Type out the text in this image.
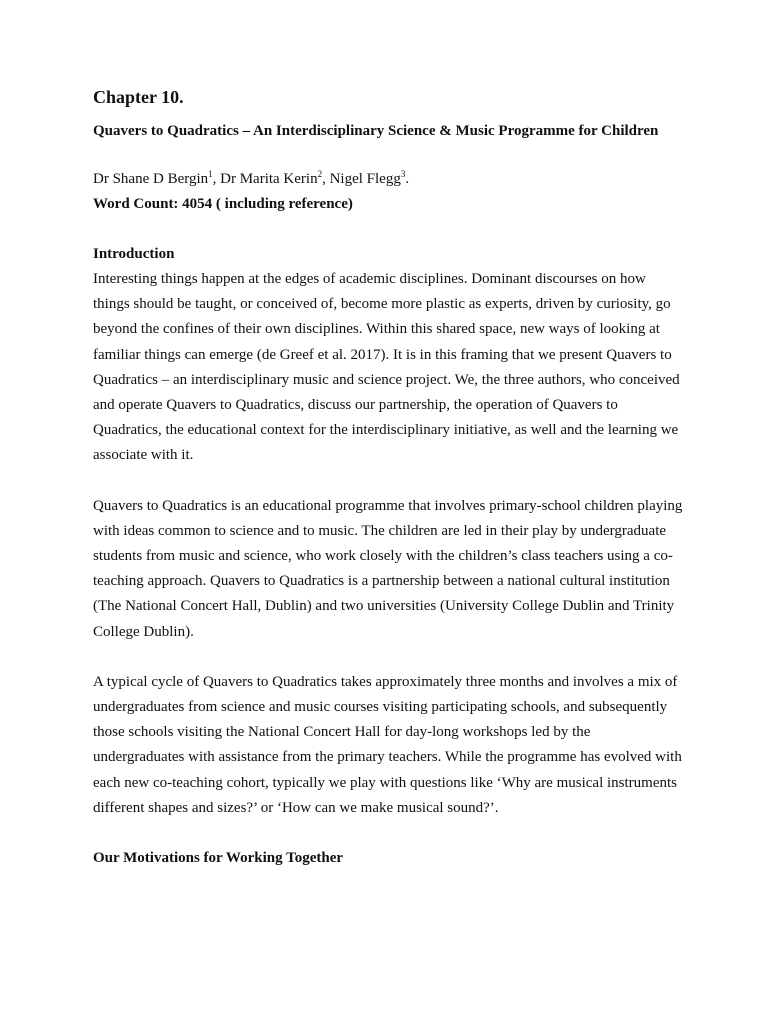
Chapter 10.
Quavers to Quadratics – An Interdisciplinary Science & Music Programme for Children
Dr Shane D Bergin$^1$, Dr Marita Kerin$^2$, Nigel Flegg$^3$.
Word Count: 4054 ( including reference)
Introduction

Interesting things happen at the edges of academic disciplines. Dominant discourses on how things should be taught, or conceived of, become more plastic as experts, driven by curiosity, go beyond the confines of their own disciplines. Within this shared space, new ways of looking at familiar things can emerge (de Greef et al. 2017). It is in this framing that we present Quavers to Quadratics – an interdisciplinary music and science project. We, the three authors, who conceived and operate Quavers to Quadratics, discuss our partnership, the operation of Quavers to Quadratics, the educational context for the interdisciplinary initiative, as well and the learning we associate with it.

Quavers to Quadratics is an educational programme that involves primary-school children playing with ideas common to science and to music. The children are led in their play by undergraduate students from music and science, who work closely with the children’s class teachers using a co-teaching approach. Quavers to Quadratics is a partnership between a national cultural institution (The National Concert Hall, Dublin) and two universities (University College Dublin and Trinity College Dublin).

A typical cycle of Quavers to Quadratics takes approximately three months and involves a mix of undergraduates from science and music courses visiting participating schools, and subsequently those schools visiting the National Concert Hall for day-long workshops led by the undergraduates with assistance from the primary teachers. While the programme has evolved with each new co-teaching cohort, typically we play with questions like ‘Why are musical instruments different shapes and sizes?’ or ‘How can we make musical sound?’.

Our Motivations for Working Together
